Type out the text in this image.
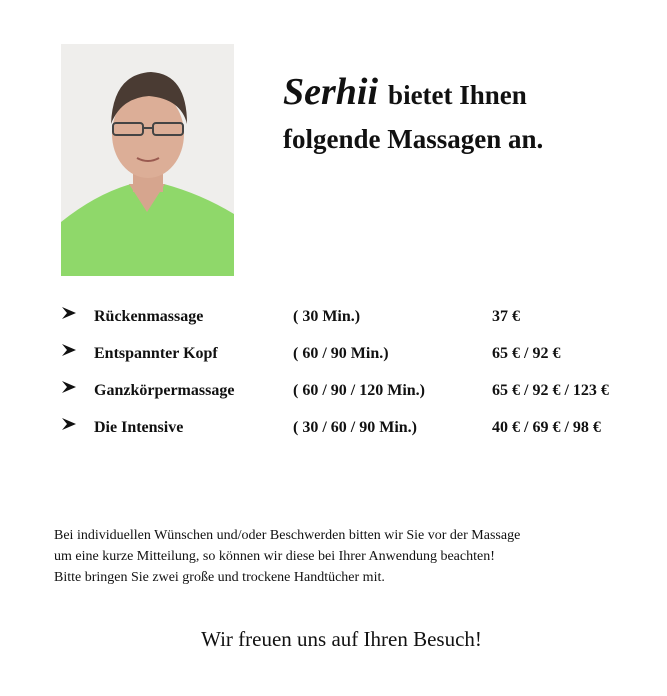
Serhii bietet Ihnen
folgende Massagen an.
Rückenmassage	( 30 Min.)	37 €
Entspannter Kopf	( 60 / 90 Min.)	65 € / 92 €
Ganzkörpermassage	( 60 / 90 / 120 Min.)	65 € / 92 € / 123 €
Die Intensive	( 30 / 60 / 90 Min.)	40 € / 69 € / 98 €
Bei individuellen Wünschen und/oder Beschwerden bitten wir Sie vor der Massage
um eine kurze Mitteilung, so können wir diese bei Ihrer Anwendung beachten!
Bitte bringen Sie zwei große und trockene Handtücher mit.
Wir freuen uns auf Ihren Besuch!
